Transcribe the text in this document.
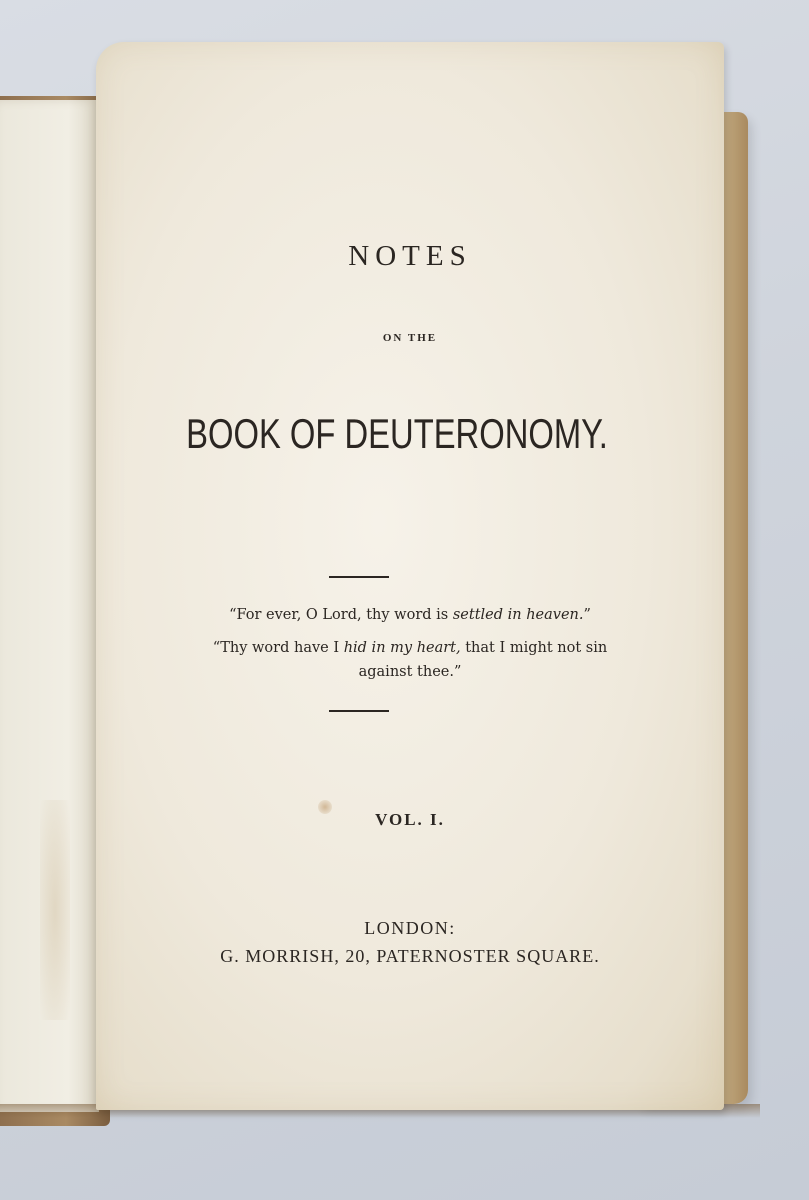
NOTES
ON THE
BOOK OF DEUTERONOMY.
“For ever, O Lord, thy word is settled in heaven.”
“Thy word have I hid in my heart, that I might not sin
against thee.”
VOL. I.
LONDON:
G. MORRISH, 20, PATERNOSTER SQUARE.
